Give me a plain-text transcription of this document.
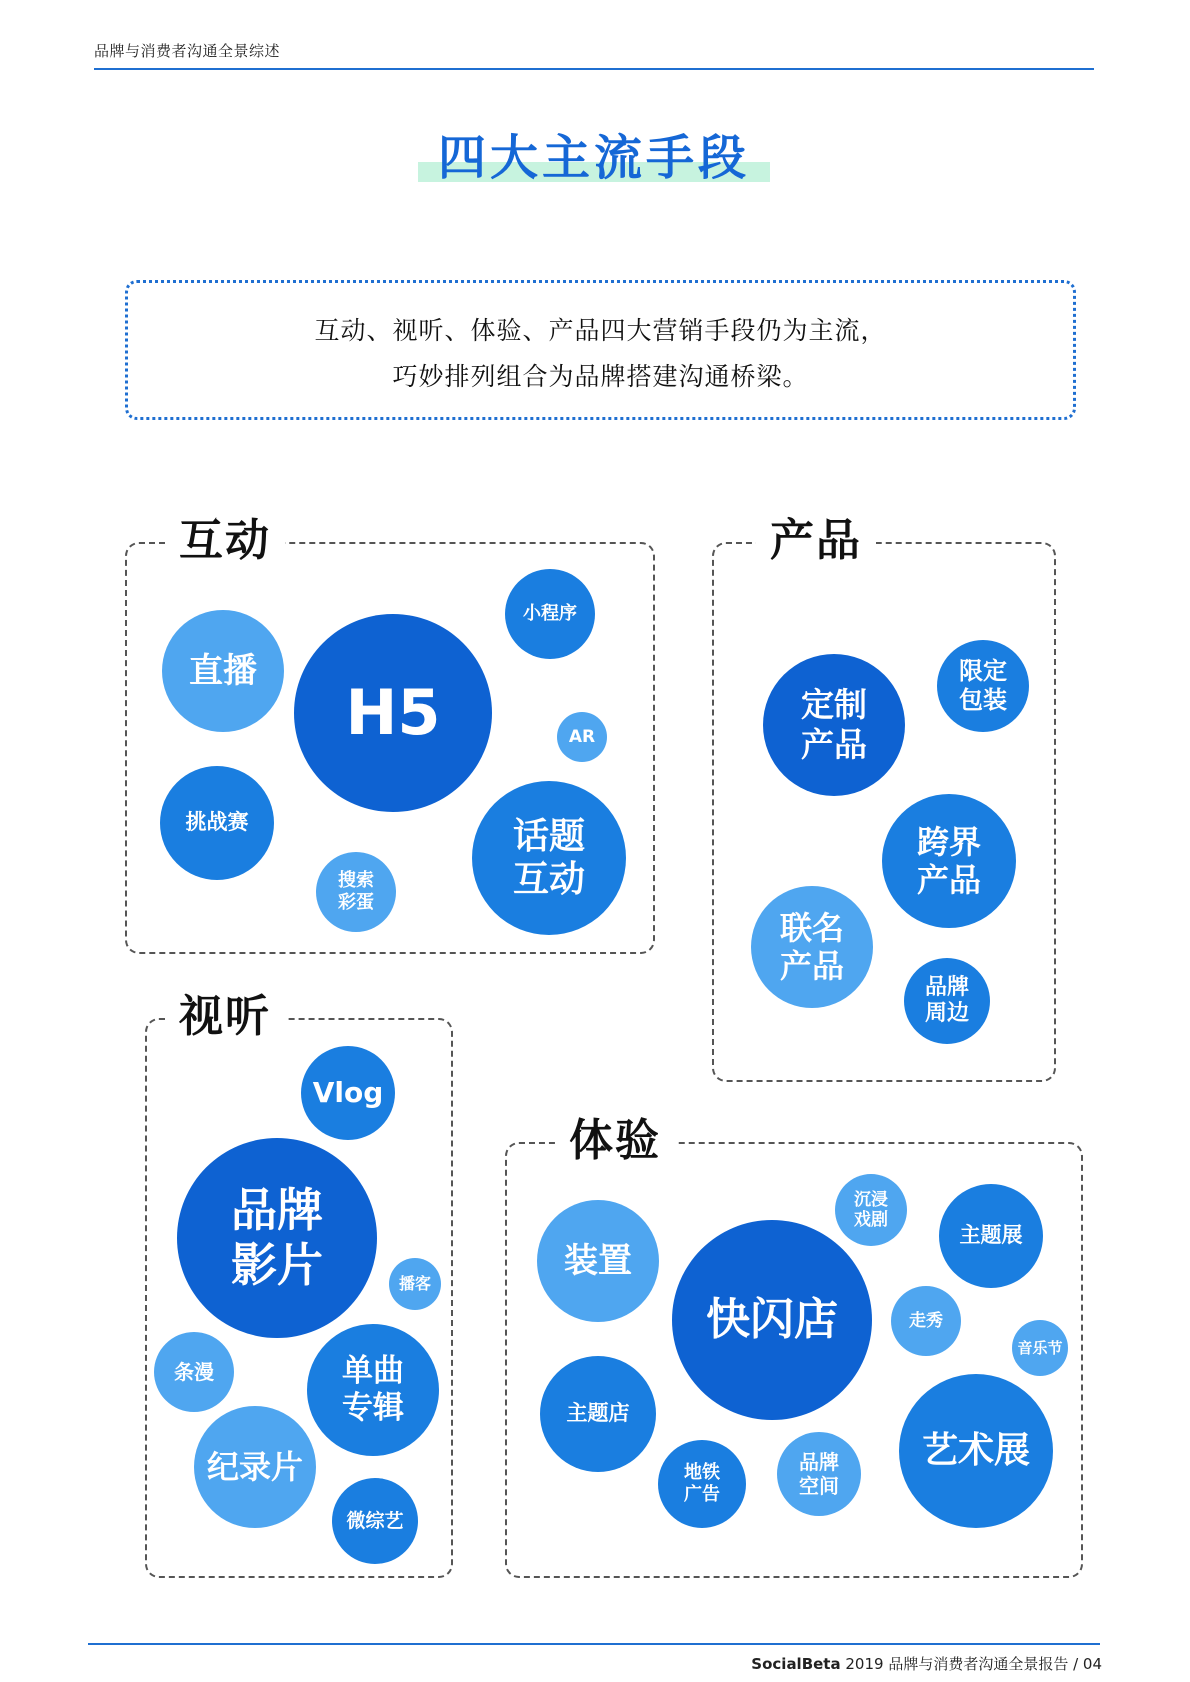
品牌与消费者沟通全景综述
四大主流手段
互动、视听、体验、产品四大营销手段仍为主流，
巧妙排列组合为品牌搭建沟通桥梁。
互动
直播
H5
小程序
AR
挑战赛
搜索
彩蛋
话题
互动
产品
定制
产品
限定
包装
跨界
产品
联名
产品
品牌
周边
视听
Vlog
品牌
影片	播客
条漫	单曲
专辑
纪录片
微综艺
体验
装置
沉浸
戏剧
主题展
快闪店	走秀
音乐节
主题店
地铁
广告
品牌
空间
艺术展
SocialBeta 2019 品牌与消费者沟通全景报告 / 04
